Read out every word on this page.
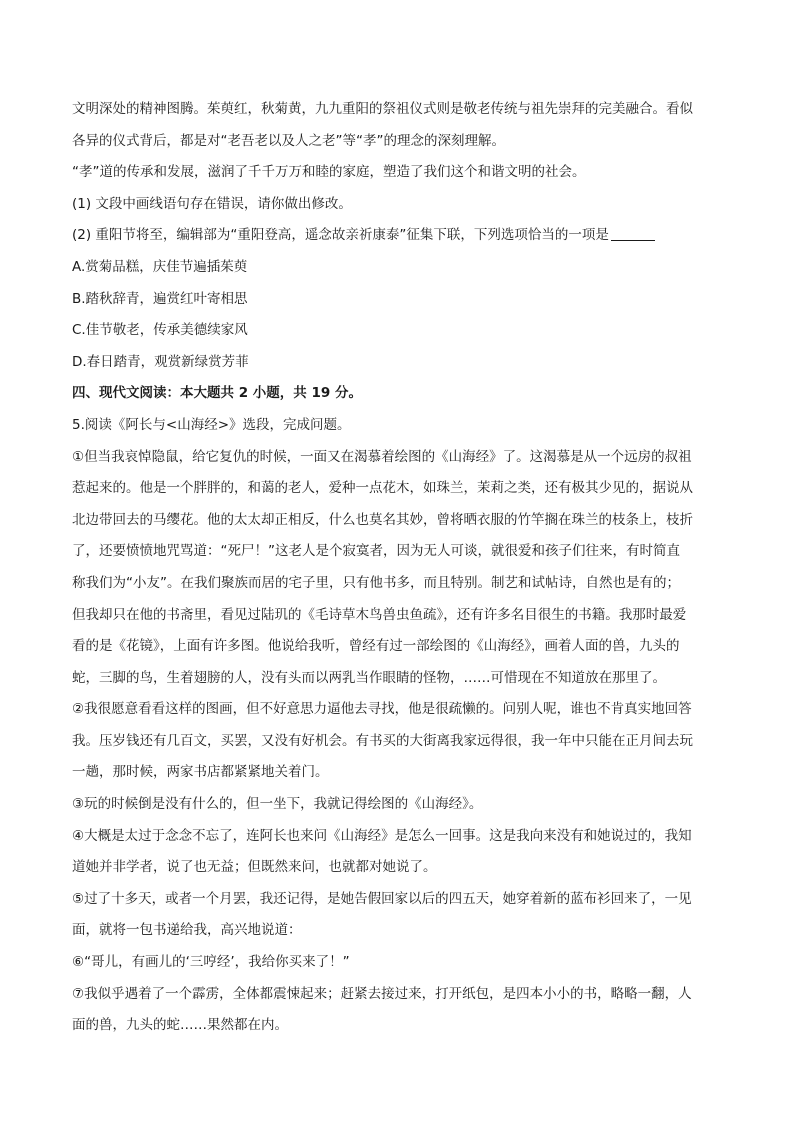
文明深处的精神图腾。茱萸红，秋菊黄，九九重阳的祭祖仪式则是敬老传统与祖先崇拜的完美融合。看似
各异的仪式背后，都是对“老吾老以及人之老”等“孝”的理念的深刻理解。
“孝”道的传承和发展，滋润了千千万万和睦的家庭，塑造了我们这个和谐文明的社会。
(1) 文段中画线语句存在错误，请你做出修改。
(2) 重阳节将至，编辑部为“重阳登高，遥念故亲祈康泰”征集下联，下列选项恰当的一项是
A.赏菊品糕，庆佳节遍插茱萸
B.踏秋辞青，遍赏红叶寄相思
C.佳节敬老，传承美德续家风
D.春日踏青，观赏新绿赏芳菲
四、现代文阅读：本大题共 2 小题，共 19 分。
5.阅读《阿长与<山海经>》选段，完成问题。
①但当我哀悼隐鼠，给它复仇的时候，一面又在渴慕着绘图的《山海经》了。这渴慕是从一个远房的叔祖
惹起来的。他是一个胖胖的，和蔼的老人，爱种一点花木，如珠兰，茉莉之类，还有极其少见的，据说从
北边带回去的马缨花。他的太太却正相反，什么也莫名其妙，曾将晒衣服的竹竿搁在珠兰的枝条上，枝折
了，还要愤愤地咒骂道：“死尸！”这老人是个寂寞者，因为无人可谈，就很爱和孩子们往来，有时简直
称我们为“小友”。在我们聚族而居的宅子里，只有他书多，而且特别。制艺和试帖诗，自然也是有的；
但我却只在他的书斋里，看见过陆玑的《毛诗草木鸟兽虫鱼疏》，还有许多名目很生的书籍。我那时最爱
看的是《花镜》，上面有许多图。他说给我听，曾经有过一部绘图的《山海经》，画着人面的兽，九头的
蛇，三脚的鸟，生着翅膀的人，没有头而以两乳当作眼睛的怪物，……可惜现在不知道放在那里了。
②我很愿意看看这样的图画，但不好意思力逼他去寻找，他是很疏懒的。问别人呢，谁也不肯真实地回答
我。压岁钱还有几百文，买罢，又没有好机会。有书买的大街离我家远得很，我一年中只能在正月间去玩
一趟，那时候，两家书店都紧紧地关着门。
③玩的时候倒是没有什么的，但一坐下，我就记得绘图的《山海经》。
④大概是太过于念念不忘了，连阿长也来问《山海经》是怎么一回事。这是我向来没有和她说过的，我知
道她并非学者，说了也无益；但既然来问，也就都对她说了。
⑤过了十多天，或者一个月罢，我还记得，是她告假回家以后的四五天，她穿着新的蓝布衫回来了，一见
面，就将一包书递给我，高兴地说道：
⑥“哥儿，有画儿的‘三哼经’，我给你买来了！”
⑦我似乎遇着了一个霹雳，全体都震悚起来；赶紧去接过来，打开纸包，是四本小小的书，略略一翻，人
面的兽，九头的蛇……果然都在内。
